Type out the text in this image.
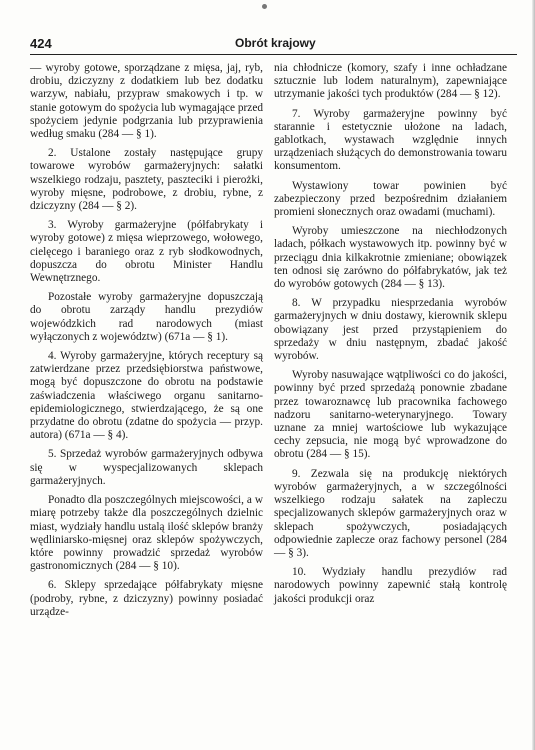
424	Obrót krajowy

— wyroby gotowe, sporządzane z mięsa, jaj, ryb, drobiu, dziczyzny z dodatkiem lub bez dodatku warzyw, nabiału, przypraw smakowych i tp. w stanie gotowym do spożycia lub wymagające przed spożyciem jedynie podgrzania lub przyprawienia według smaku (284 — § 1).

2. Ustalone zostały następujące grupy towarowe wyrobów garmażeryjnych: sałatki wszelkiego rodzaju, pasztety, paszteciki i pierożki, wyroby mięsne, podrobowe, z drobiu, rybne, z dziczyzny (284 — § 2).

3. Wyroby garmażeryjne (półfabrykaty i wyroby gotowe) z mięsa wieprzowego, wołowego, cielęcego i baraniego oraz z ryb słodkowodnych, dopuszcza do obrotu Minister Handlu Wewnętrznego.

Pozostałe wyroby garmażeryjne dopuszczają do obrotu zarządy handlu prezydiów wojewódzkich rad narodowych (miast wyłączonych z województw) (671a — § 1).

4. Wyroby garmażeryjne, których receptury są zatwierdzane przez przedsiębiorstwa państwowe, mogą być dopuszczone do obrotu na podstawie zaświadczenia właściwego organu sanitarno-epidemiologicznego, stwierdzającego, że są one przydatne do obrotu (zdatne do spożycia — przyp. autora) (671a — § 4).

5. Sprzedaż wyrobów garmażeryjnych odbywa się w wyspecjalizowanych sklepach garmażeryjnych.

Ponadto dla poszczególnych miejscowości, a w miarę potrzeby także dla poszczególnych dzielnic miast, wydziały handlu ustalą ilość sklepów branży wędliniarsko-mięsnej oraz sklepów spożywczych, które powinny prowadzić sprzedaż wyrobów gastronomicznych (284 — § 10).

6. Sklepy sprzedające półfabrykaty mięsne (podroby, rybne, z dziczyzny) powinny posiadać urządze-

nia chłodnicze (komory, szafy i inne ochładzane sztucznie lub lodem naturalnym), zapewniające utrzymanie jakości tych produktów (284 — § 12).

7. Wyroby garmażeryjne powinny być starannie i estetycznie ułożone na ladach, gablotkach, wystawach względnie innych urządzeniach służących do demonstrowania towaru konsumentom.

Wystawiony towar powinien być zabezpieczony przed bezpośrednim działaniem promieni słonecznych oraz owadami (muchami).

Wyroby umieszczone na niechłodzonych ladach, półkach wystawowych itp. powinny być w przeciągu dnia kilkakrotnie zmieniane; obowiązek ten odnosi się zarówno do półfabrykatów, jak też do wyrobów gotowych (284 — § 13).

8. W przypadku niesprzedania wyrobów garmażeryjnych w dniu dostawy, kierownik sklepu obowiązany jest przed przystąpieniem do sprzedaży w dniu następnym, zbadać jakość wyrobów.

Wyroby nasuwające wątpliwości co do jakości, powinny być przed sprzedażą ponownie zbadane przez towaroznawcę lub pracownika fachowego nadzoru sanitarno-weterynaryjnego. Towary uznane za mniej wartościowe lub wykazujące cechy zepsucia, nie mogą być wprowadzone do obrotu (284 — § 15).

9. Zezwala się na produkcję niektórych wyrobów garmażeryjnych, a w szczególności wszelkiego rodzaju sałatek na zapleczu specjalizowanych sklepów garmażeryjnych oraz w sklepach spożywczych, posiadających odpowiednie zaplecze oraz fachowy personel (284 — § 3).

10. Wydziały handlu prezydiów rad narodowych powinny zapewnić stałą kontrolę jakości produkcji oraz
